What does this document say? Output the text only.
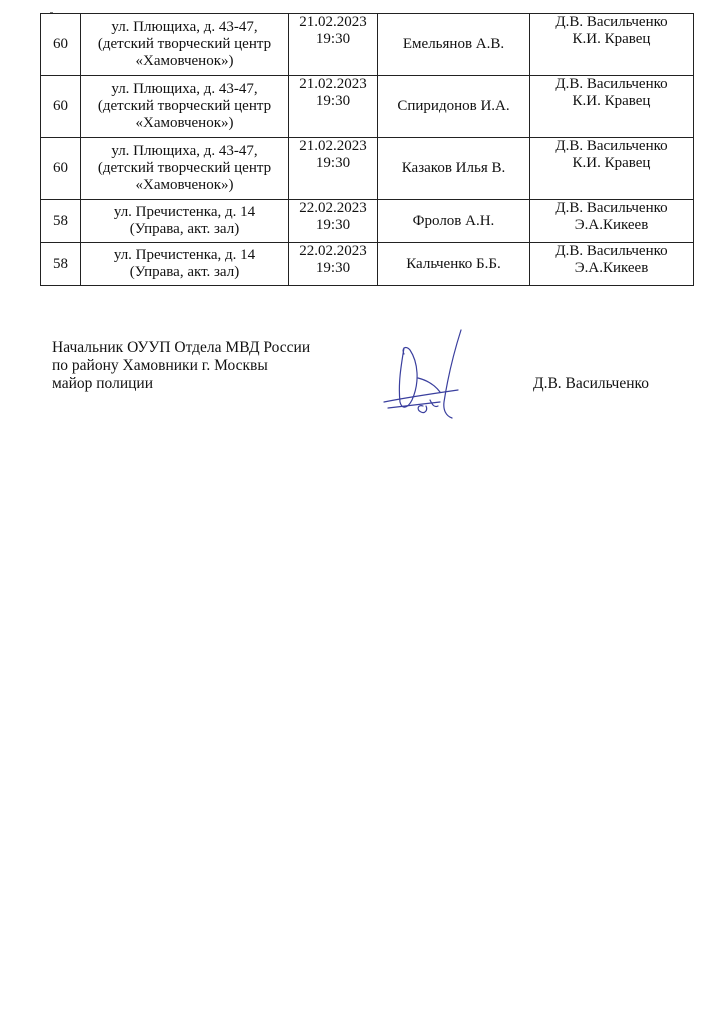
60	ул. Плющиха, д. 43-47,
(детский творческий центр
«Хамовченок»)	21.02.2023
19:30	Емельянов А.В.	Д.В. Васильченко
К.И. Кравец

60	ул. Плющиха, д. 43-47,
(детский творческий центр
«Хамовченок»)	21.02.2023
19:30	Спиридонов И.А.	Д.В. Васильченко
К.И. Кравец

60	ул. Плющиха, д. 43-47,
(детский творческий центр
«Хамовченок»)	21.02.2023
19:30	Казаков Илья В.	Д.В. Васильченко
К.И. Кравец

58	ул. Пречистенка, д. 14
(Управа, акт. зал)	22.02.2023
19:30	Фролов А.Н.	Д.В. Васильченко
Э.А.Кикеев

58	ул. Пречистенка, д. 14
(Управа, акт. зал)	22.02.2023
19:30	Кальченко Б.Б.	Д.В. Васильченко
Э.А.Кикеев
Начальник ОУУП Отдела МВД России
по району Хамовники г. Москвы
майор полиции	Д.В. Васильченко
